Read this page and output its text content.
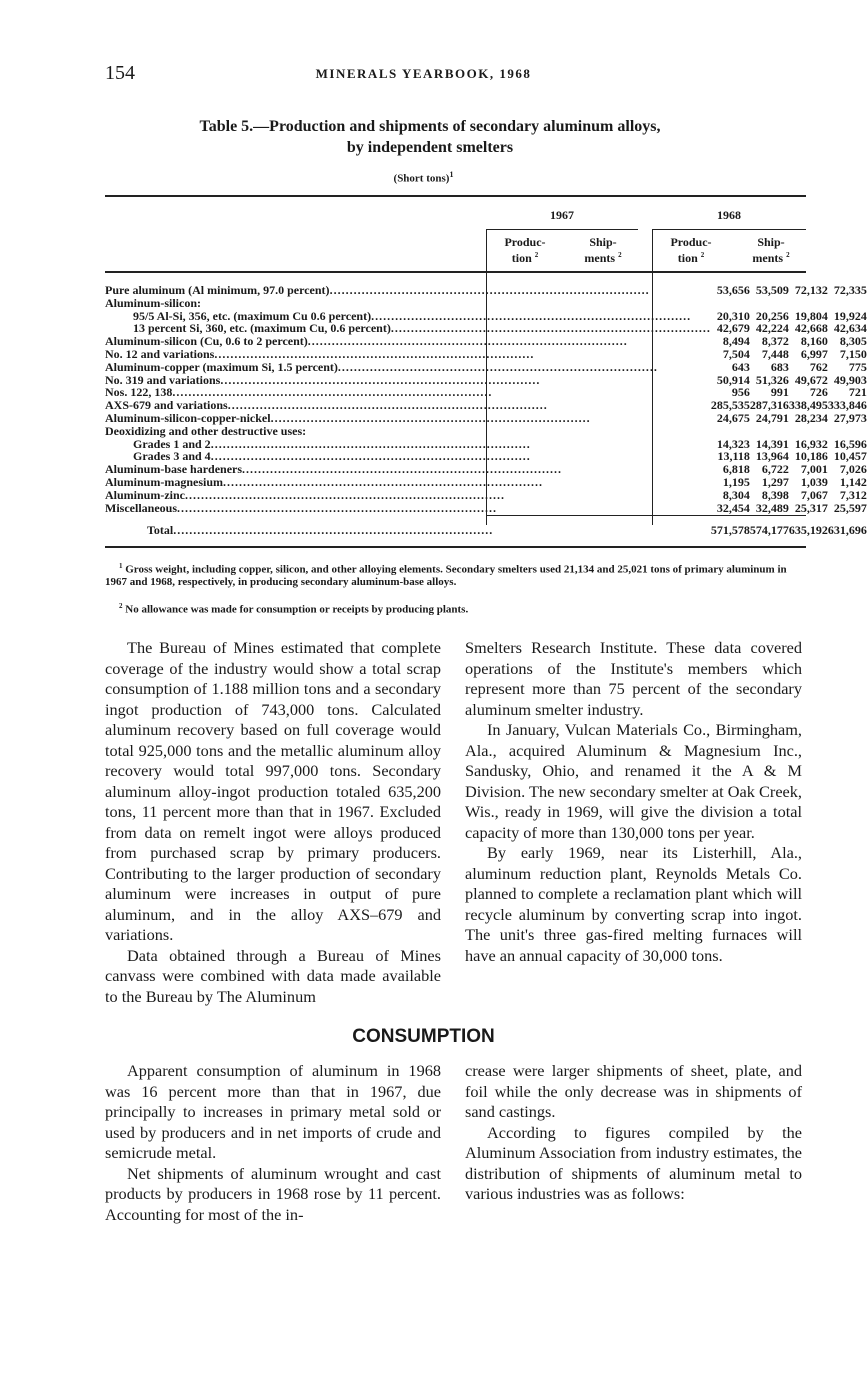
154	MINERALS YEARBOOK, 1968
Table 5.—Production and shipments of secondary aluminum alloys,
by independent smelters
(Short tons)$^1$
1967	1968
Produc-
tion $^2$
Ship-
ments $^2$
Produc-
tion $^2$
Ship-
ments $^2$
Pure aluminum (Al minimum, 97.0 percent)................................................................................	53,656	53,509	72,132	72,335
Aluminum-silicon:				
95/5 Al-Si, 356, etc. (maximum Cu 0.6 percent)................................................................................	20,310	20,256	19,804	19,924
13 percent Si, 360, etc. (maximum Cu, 0.6 percent)................................................................................	42,679	42,224	42,668	42,634
Aluminum-silicon (Cu, 0.6 to 2 percent)................................................................................	8,494	8,372	8,160	8,305
No. 12 and variations................................................................................	7,504	7,448	6,997	7,150
Aluminum-copper (maximum Si, 1.5 percent)................................................................................	643	683	762	775
No. 319 and variations................................................................................	50,914	51,326	49,672	49,903
Nos. 122, 138................................................................................	956	991	726	721
AXS-679 and variations................................................................................	285,535	287,316	338,495	333,846
Aluminum-silicon-copper-nickel................................................................................	24,675	24,791	28,234	27,973
Deoxidizing and other destructive uses:				
Grades 1 and 2................................................................................	14,323	14,391	16,932	16,596
Grades 3 and 4................................................................................	13,118	13,964	10,186	10,457
Aluminum-base hardeners................................................................................	6,818	6,722	7,001	7,026
Aluminum-magnesium................................................................................	1,195	1,297	1,039	1,142
Aluminum-zinc................................................................................	8,304	8,398	7,067	7,312
Miscellaneous................................................................................	32,454	32,489	25,317	25,597

Total................................................................................	571,578	574,177	635,192	631,696
$^1$ Gross weight, including copper, silicon, and other alloying elements. Secondary smelters used 21,134 and 25,021 tons of primary aluminum in 1967 and 1968, respectively, in producing secondary aluminum-base alloys.
$^2$ No allowance was made for consumption or receipts by producing plants.

The Bureau of Mines estimated that complete coverage of the industry would show a total scrap consumption of 1.188 million tons and a secondary ingot production of 743,000 tons. Calculated aluminum recovery based on full coverage would total 925,000 tons and the metallic aluminum alloy recovery would total 997,000 tons. Secondary aluminum alloy-ingot production totaled 635,200 tons, 11 percent more than that in 1967. Excluded from data on remelt ingot were alloys produced from purchased scrap by primary producers. Contributing to the larger production of secondary aluminum were increases in output of pure aluminum, and in the alloy AXS–679 and variations.

Data obtained through a Bureau of Mines canvass were combined with data made available to the Bureau by The Aluminum

Smelters Research Institute. These data covered operations of the Institute's members which represent more than 75 percent of the secondary aluminum smelter industry.

In January, Vulcan Materials Co., Birmingham, Ala., acquired Aluminum & Magnesium Inc., Sandusky, Ohio, and renamed it the A & M Division. The new secondary smelter at Oak Creek, Wis., ready in 1969, will give the division a total capacity of more than 130,000 tons per year.

By early 1969, near its Listerhill, Ala., aluminum reduction plant, Reynolds Metals Co. planned to complete a reclamation plant which will recycle aluminum by converting scrap into ingot. The unit's three gas-fired melting furnaces will have an annual capacity of 30,000 tons.

CONSUMPTION

Apparent consumption of aluminum in 1968 was 16 percent more than that in 1967, due principally to increases in primary metal sold or used by producers and in net imports of crude and semicrude metal.

Net shipments of aluminum wrought and cast products by producers in 1968 rose by 11 percent. Accounting for most of the in-

crease were larger shipments of sheet, plate, and foil while the only decrease was in shipments of sand castings.

According to figures compiled by the Aluminum Association from industry estimates, the distribution of shipments of aluminum metal to various industries was as follows:
